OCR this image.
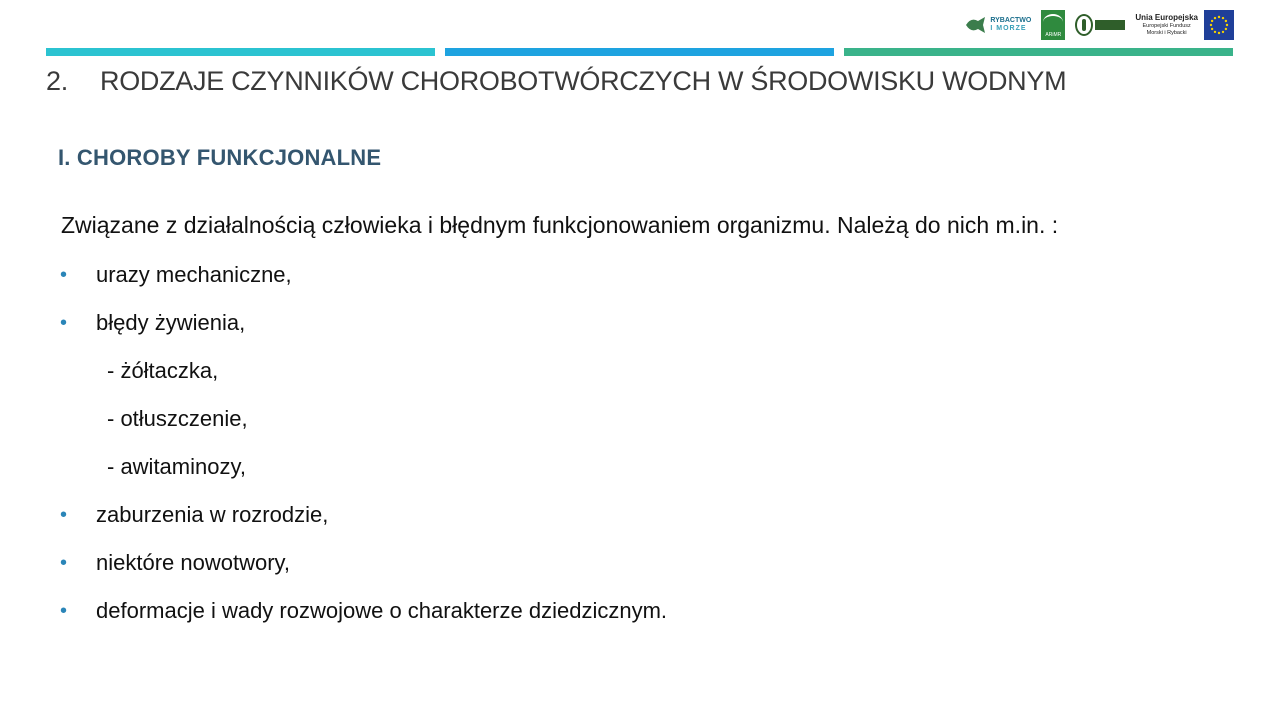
RYBACTWO
I MORZE
ARiMR
Unia Europejska
Europejski Fundusz
Morski i Rybacki
2. RODZAJE CZYNNIKÓW CHOROBOTWÓRCZYCH W ŚRODOWISKU WODNYM
I. CHOROBY FUNKCJONALNE
Związane z działalnością człowieka i błędnym funkcjonowaniem organizmu. Należą do nich m.in. :
• urazy mechaniczne,
• błędy żywienia,
- żółtaczka,
- otłuszczenie,
- awitaminozy,
• zaburzenia w rozrodzie,
• niektóre nowotwory,
• deformacje i wady rozwojowe o charakterze dziedzicznym.
